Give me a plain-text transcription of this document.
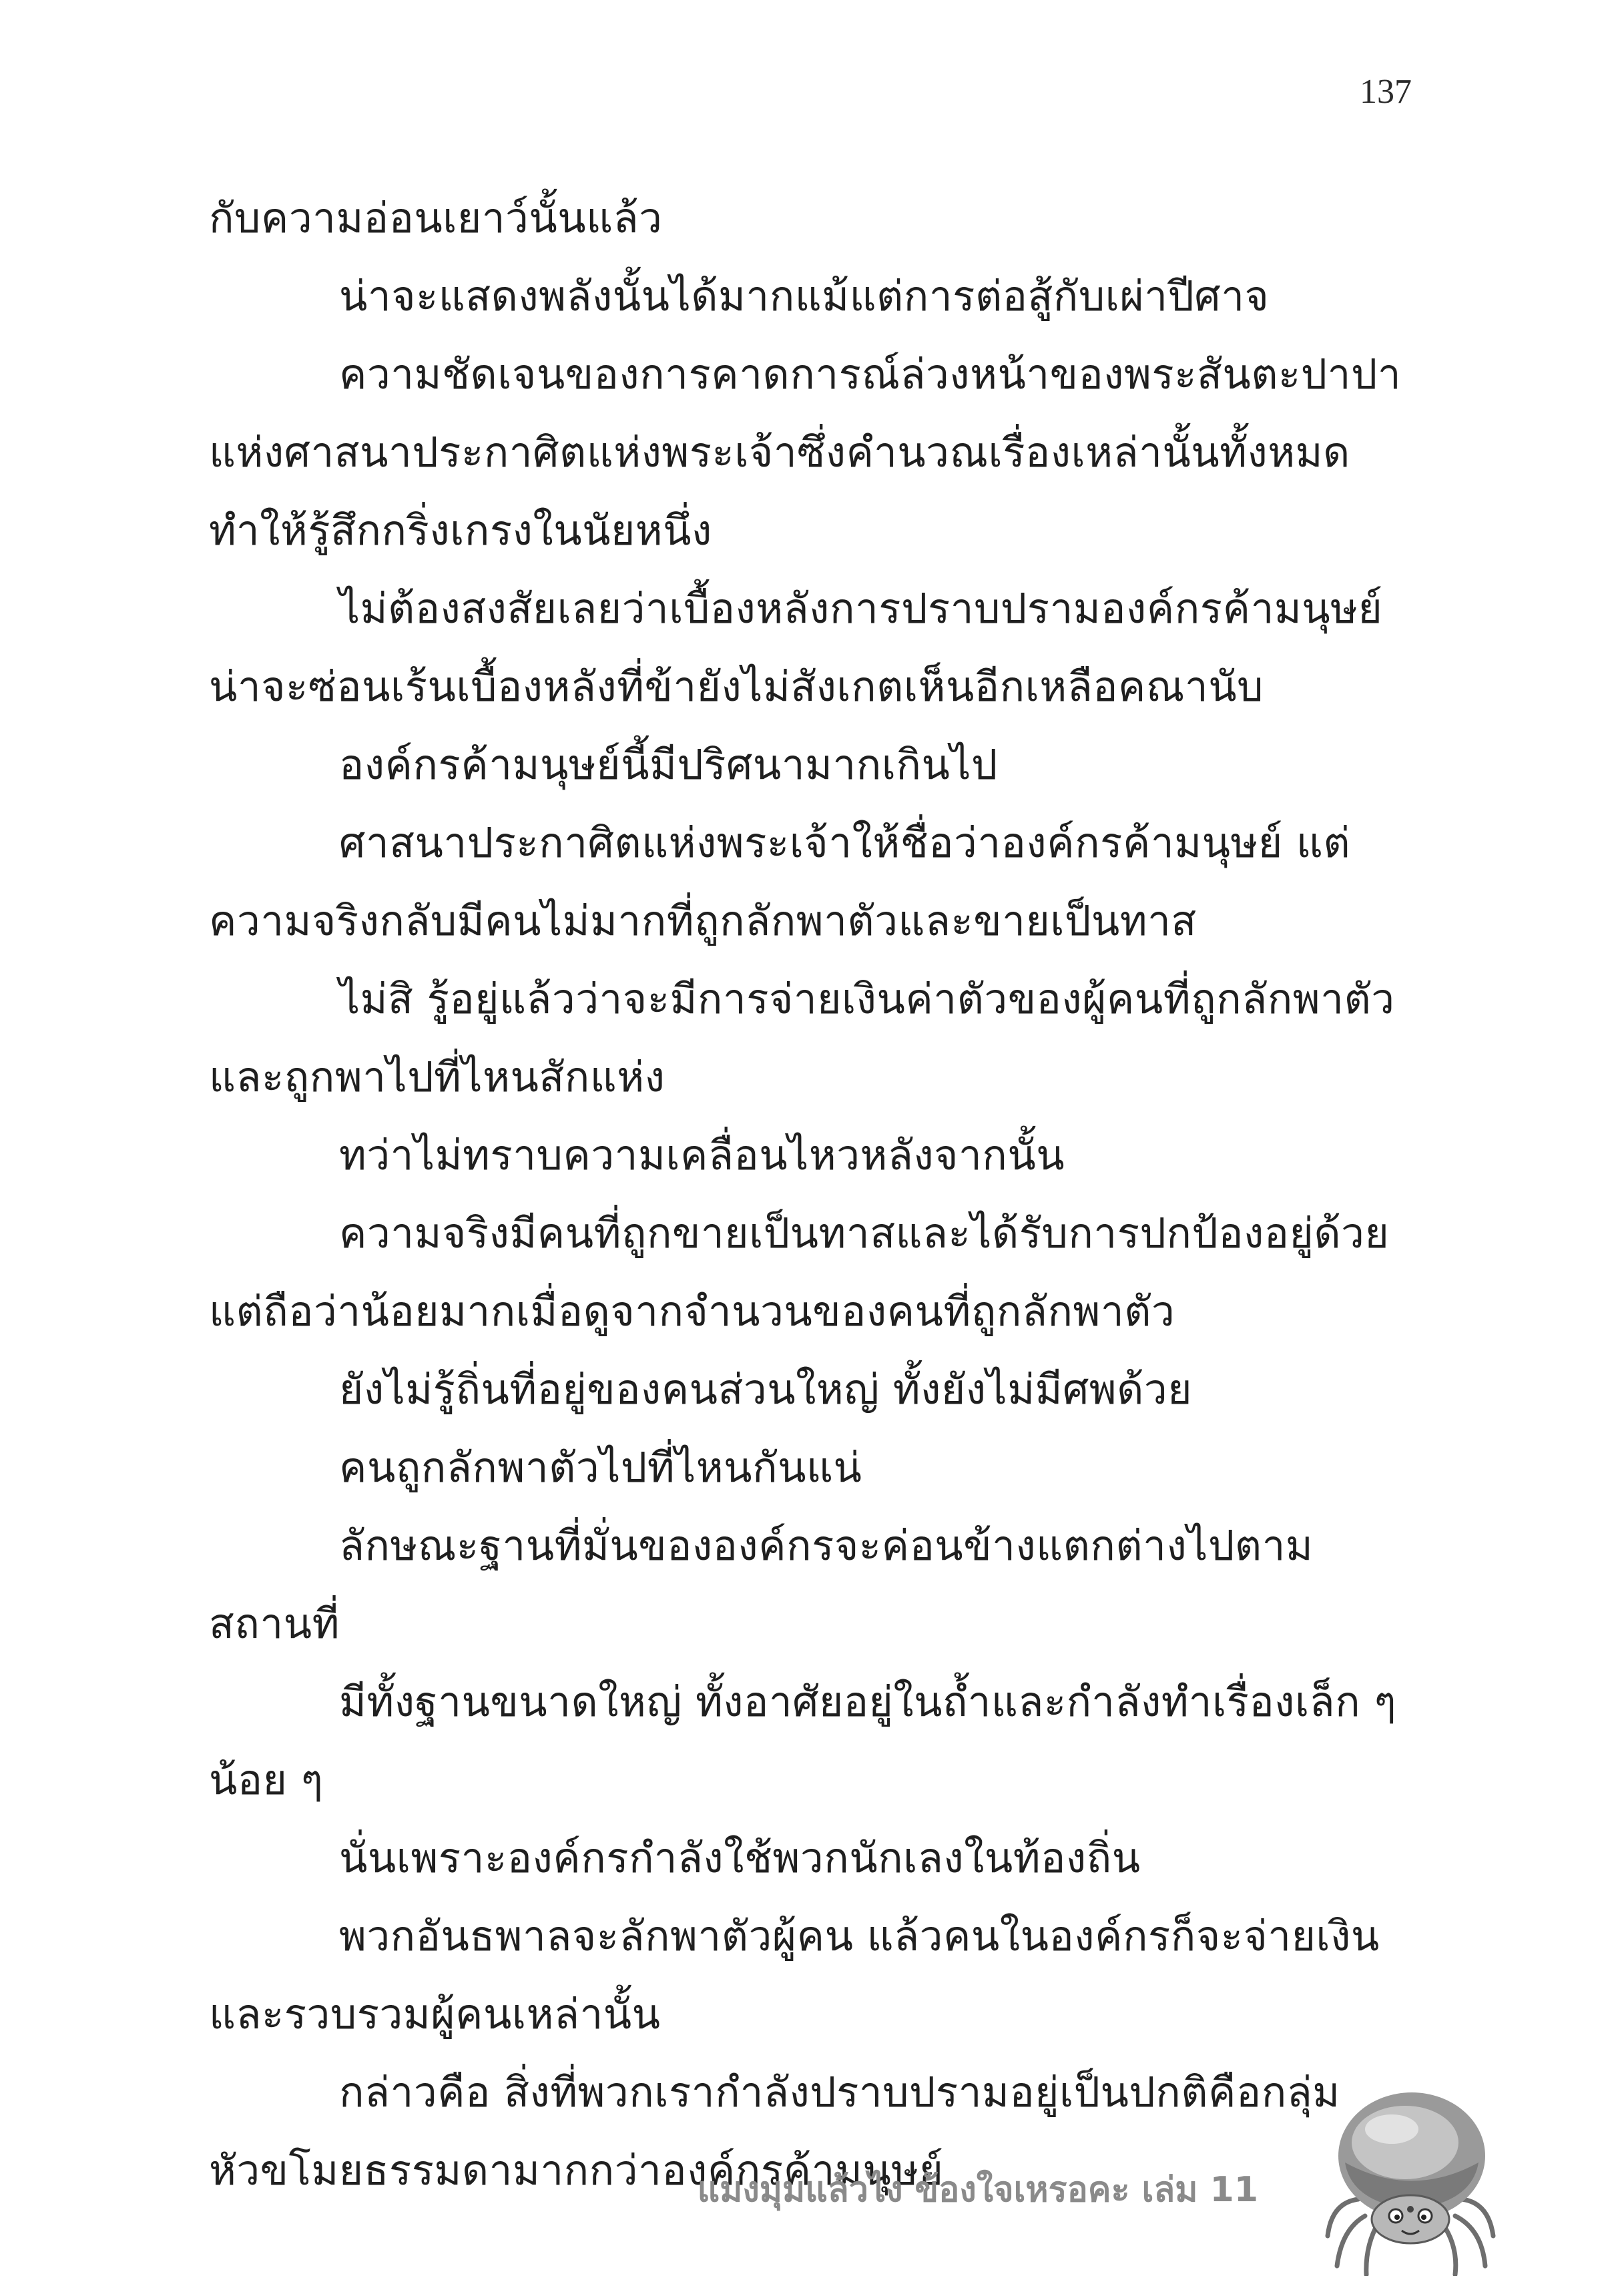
137

กับความอ่อนเยาว์นั้นแล้ว

น่าจะแสดงพลังนั้นได้มากแม้แต่การต่อสู้กับเผ่าปีศาจ

ความชัดเจนของการคาดการณ์ล่วงหน้าของพระสันตะปาปา

แห่งศาสนาประกาศิตแห่งพระเจ้าซึ่งคำนวณเรื่องเหล่านั้นทั้งหมด

ทำให้รู้สึกกริ่งเกรงในนัยหนึ่ง

ไม่ต้องสงสัยเลยว่าเบื้องหลังการปราบปรามองค์กรค้ามนุษย์

น่าจะซ่อนเร้นเบื้องหลังที่ข้ายังไม่สังเกตเห็นอีกเหลือคณานับ

องค์กรค้ามนุษย์นี้มีปริศนามากเกินไป

ศาสนาประกาศิตแห่งพระเจ้าให้ชื่อว่าองค์กรค้ามนุษย์ แต่

ความจริงกลับมีคนไม่มากที่ถูกลักพาตัวและขายเป็นทาส

ไม่สิ รู้อยู่แล้วว่าจะมีการจ่ายเงินค่าตัวของผู้คนที่ถูกลักพาตัว

และถูกพาไปที่ไหนสักแห่ง

ทว่าไม่ทราบความเคลื่อนไหวหลังจากนั้น

ความจริงมีคนที่ถูกขายเป็นทาสและได้รับการปกป้องอยู่ด้วย

แต่ถือว่าน้อยมากเมื่อดูจากจำนวนของคนที่ถูกลักพาตัว

ยังไม่รู้ถิ่นที่อยู่ของคนส่วนใหญ่ ทั้งยังไม่มีศพด้วย

คนถูกลักพาตัวไปที่ไหนกันแน่

ลักษณะฐานที่มั่นขององค์กรจะค่อนข้างแตกต่างไปตาม

สถานที่

มีทั้งฐานขนาดใหญ่ ทั้งอาศัยอยู่ในถ้ำและกำลังทำเรื่องเล็ก ๆ

น้อย ๆ

นั่นเพราะองค์กรกำลังใช้พวกนักเลงในท้องถิ่น

พวกอันธพาลจะลักพาตัวผู้คน แล้วคนในองค์กรก็จะจ่ายเงิน

และรวบรวมผู้คนเหล่านั้น

กล่าวคือ สิ่งที่พวกเรากำลังปราบปรามอยู่เป็นปกติคือกลุ่ม

หัวขโมยธรรมดามากกว่าองค์กรค้ามนุษย์

แมงมุมแล้วไง ข้องใจเหรอคะ เล่ม 11
